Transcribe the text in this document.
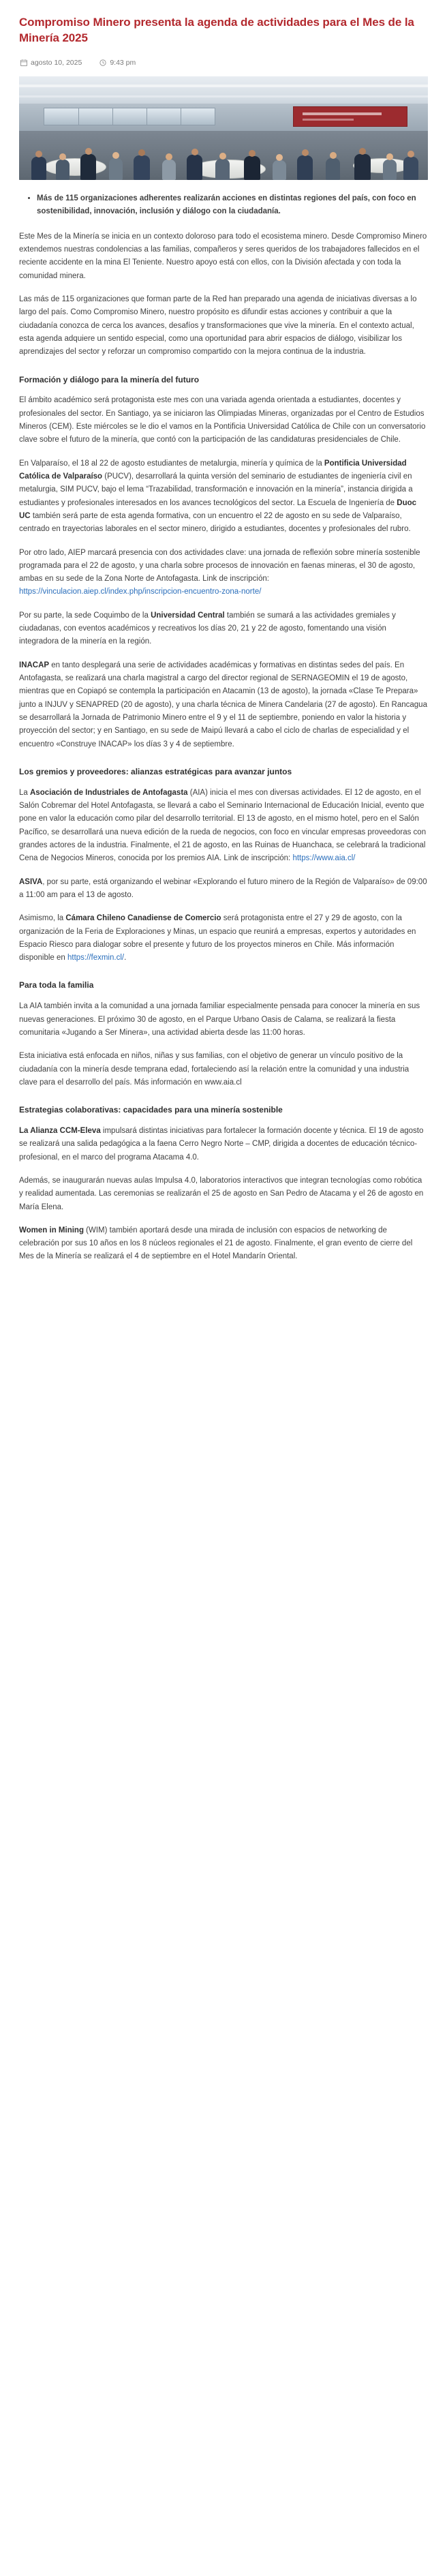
Compromiso Minero presenta la agenda de actividades para el Mes de la Minería 2025
agosto 10, 2025	9:43 pm
• Más de 115 organizaciones adherentes realizarán acciones en distintas regiones del país, con foco en sostenibilidad, innovación, inclusión y diálogo con la ciudadanía.

Este Mes de la Minería se inicia en un contexto doloroso para todo el ecosistema minero. Desde Compromiso Minero extendemos nuestras condolencias a las familias, compañeros y seres queridos de los trabajadores fallecidos en el reciente accidente en la mina El Teniente. Nuestro apoyo está con ellos, con la División afectada y con toda la comunidad minera.

Las más de 115 organizaciones que forman parte de la Red han preparado una agenda de iniciativas diversas a lo largo del país. Como Compromiso Minero, nuestro propósito es difundir estas acciones y contribuir a que la ciudadanía conozca de cerca los avances, desafíos y transformaciones que vive la minería. En el contexto actual, esta agenda adquiere un sentido especial, como una oportunidad para abrir espacios de diálogo, visibilizar los aprendizajes del sector y reforzar un compromiso compartido con la mejora continua de la industria.

Formación y diálogo para la minería del futuro

El ámbito académico será protagonista este mes con una variada agenda orientada a estudiantes, docentes y profesionales del sector. En Santiago, ya se iniciaron las Olimpiadas Mineras, organizadas por el Centro de Estudios Mineros (CEM). Este miércoles se le dio el vamos en la Pontificia Universidad Católica de Chile con un conversatorio clave sobre el futuro de la minería, que contó con la participación de las candidaturas presidenciales de Chile.

En Valparaíso, el 18 al 22 de agosto estudiantes de metalurgia, minería y química de la Pontificia Universidad Católica de Valparaíso (PUCV), desarrollará la quinta versión del seminario de estudiantes de ingeniería civil en metalurgia, SIM PUCV, bajo el lema “Trazabilidad, transformación e innovación en la minería”, instancia dirigida a estudiantes y profesionales interesados en los avances tecnológicos del sector. La Escuela de Ingeniería de Duoc UC también será parte de esta agenda formativa, con un encuentro el 22 de agosto en su sede de Valparaíso, centrado en trayectorias laborales en el sector minero, dirigido a estudiantes, docentes y profesionales del rubro.

Por otro lado, AIEP marcará presencia con dos actividades clave: una jornada de reflexión sobre minería sostenible programada para el 22 de agosto, y una charla sobre procesos de innovación en faenas mineras, el 30 de agosto, ambas en su sede de la Zona Norte de Antofagasta. Link de inscripción: https://vinculacion.aiep.cl/index.php/inscripcion-encuentro-zona-norte/

Por su parte, la sede Coquimbo de la Universidad Central también se sumará a las actividades gremiales y ciudadanas, con eventos académicos y recreativos los días 20, 21 y 22 de agosto, fomentando una visión integradora de la minería en la región.

INACAP en tanto desplegará una serie de actividades académicas y formativas en distintas sedes del país. En Antofagasta, se realizará una charla magistral a cargo del director regional de SERNAGEOMIN el 19 de agosto, mientras que en Copiapó se contempla la participación en Atacamin (13 de agosto), la jornada «Clase Te Prepara» junto a INJUV y SENAPRED (20 de agosto), y una charla técnica de Minera Candelaria (27 de agosto). En Rancagua se desarrollará la Jornada de Patrimonio Minero entre el 9 y el 11 de septiembre, poniendo en valor la historia y proyección del sector; y en Santiago, en su sede de Maipú llevará a cabo el ciclo de charlas de especialidad y el encuentro «Construye INACAP» los días 3 y 4 de septiembre.

Los gremios y proveedores: alianzas estratégicas para avanzar juntos

La Asociación de Industriales de Antofagasta (AIA) inicia el mes con diversas actividades. El 12 de agosto, en el Salón Cobremar del Hotel Antofagasta, se llevará a cabo el Seminario Internacional de Educación Inicial, evento que pone en valor la educación como pilar del desarrollo territorial. El 13 de agosto, en el mismo hotel, pero en el Salón Pacífico, se desarrollará una nueva edición de la rueda de negocios, con foco en vincular empresas proveedoras con grandes actores de la industria. Finalmente, el 21 de agosto, en las Ruinas de Huanchaca, se celebrará la tradicional Cena de Negocios Mineros, conocida por los premios AIA. Link de inscripción: https://www.aia.cl/

ASIVA, por su parte, está organizando el webinar «Explorando el futuro minero de la Región de Valparaíso» de 09:00 a 11:00 am para el 13 de agosto.

Asimismo, la Cámara Chileno Canadiense de Comercio será protagonista entre el 27 y 29 de agosto, con la organización de la Feria de Exploraciones y Minas, un espacio que reunirá a empresas, expertos y autoridades en Espacio Riesco para dialogar sobre el presente y futuro de los proyectos mineros en Chile. Más información disponible en https://fexmin.cl/.

Para toda la familia

La AIA también invita a la comunidad a una jornada familiar especialmente pensada para conocer la minería en sus nuevas generaciones. El próximo 30 de agosto, en el Parque Urbano Oasis de Calama, se realizará la fiesta comunitaria «Jugando a Ser Minera», una actividad abierta desde las 11:00 horas.

Esta iniciativa está enfocada en niños, niñas y sus familias, con el objetivo de generar un vínculo positivo de la ciudadanía con la minería desde temprana edad, fortaleciendo así la relación entre la comunidad y una industria clave para el desarrollo del país. Más información en www.aia.cl

Estrategias colaborativas: capacidades para una minería sostenible

La Alianza CCM-Eleva impulsará distintas iniciativas para fortalecer la formación docente y técnica. El 19 de agosto se realizará una salida pedagógica a la faena Cerro Negro Norte – CMP, dirigida a docentes de educación técnico-profesional, en el marco del programa Atacama 4.0.

Además, se inaugurarán nuevas aulas Impulsa 4.0, laboratorios interactivos que integran tecnologías como robótica y realidad aumentada. Las ceremonias se realizarán el 25 de agosto en San Pedro de Atacama y el 26 de agosto en María Elena.

Women in Mining (WIM) también aportará desde una mirada de inclusión con espacios de networking de celebración por sus 10 años en los 8 núcleos regionales el 21 de agosto. Finalmente, el gran evento de cierre del Mes de la Minería se realizará el 4 de septiembre en el Hotel Mandarín Oriental.
